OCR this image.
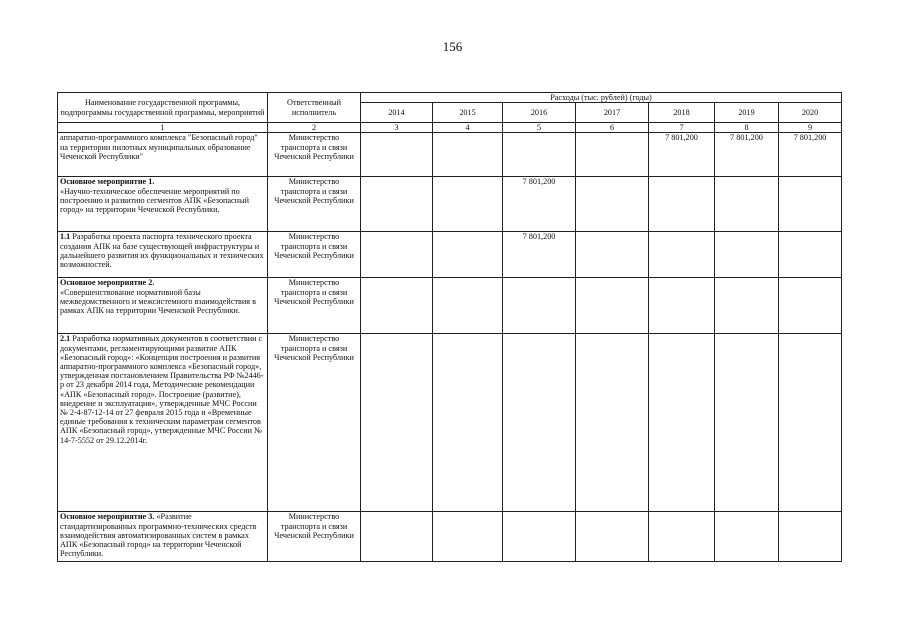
156
Наименование государственной программы, подпрограммы государственной программы, мероприятий	Ответственный исполнитель	Расходы (тыс. рублей) (годы)						
		2014	2015	2016	2017	2018	2019	2020
1	2	3	4	5	6	7	8	9
аппаратно-программного комплекса "Безопасный город" на территории пилотных муниципальных образование Чеченской Республики"	Министерство транспорта и связи Чеченской Республики					7 801,200	7 801,200	7 801,200
Основное мероприятие 1.
«Научно-техническое обеспечение мероприятий по построению и развитию сегментов АПК «Безопасный город» на территории Чеченской Республики.	Министерство транспорта и связи Чеченской Республики			7 801,200				
1.1 Разработка проекта паспорта технического проекта создания АПК на базе существующей инфраструктуры и дальнейшего развития их функциональных и технических возможностей.	Министерство транспорта и связи Чеченской Республики			7 801,200				
Основное мероприятие 2.
«Совершенствование нормативной базы межведомственного и межсистемного взаимодействия в рамках АПК на территории Чеченской Республики.	Министерство транспорта и связи Чеченской Республики							
2.1 Разработка нормативных документов в соответствии с документами, регламентирующими развитие АПК «Безопасный город»: «Концепция построения и развития аппаратно-программного комплекса «Безопасный город», утвержденная постановлением Правительства РФ №2446-р от 23 декабря 2014 года, Методические рекомендации «АПК «Безопасный город». Построение (развитие), внедрение и эксплуатация», утвержденные МЧС России № 2-4-87-12-14 от 27 февраля 2015 года и «Временные единые требования к техническим параметрам сегментов АПК «Безопасный город», утвержденные МЧС России № 14-7-5552 от 29.12.2014г.	Министерство транспорта и связи Чеченской Республики							
Основное мероприятие 3. «Развитие стандартизированных программно-технических средств взаимодействия автоматизированных систем в рамках АПК «Безопасный город» на территории Чеченской Республики.	Министерство транспорта и связи Чеченской Республики							
